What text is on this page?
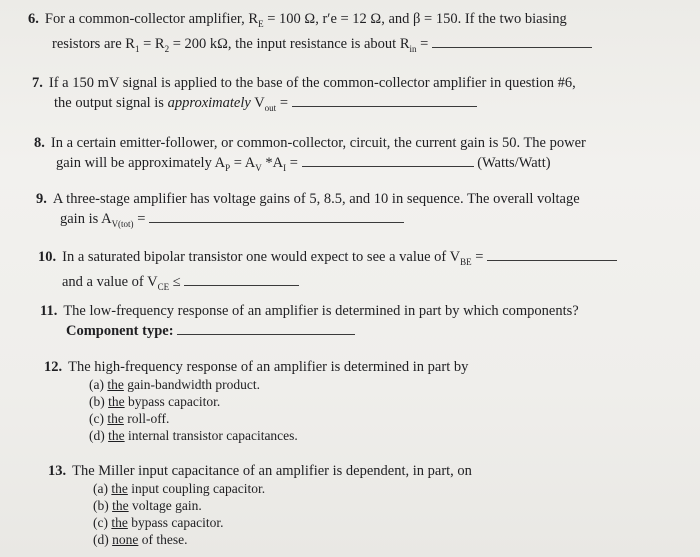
6. For a common-collector amplifier, $R_E = 100$ Ω, r′e = 12 Ω, and β = 150. If the two biasing
resistors are $R_1 = R_2 = 200$ kΩ, the input resistance is about $R_{in}$ =
7. If a 150 mV signal is applied to the base of the common-collector amplifier in question #6,
the output signal is approximately $V_{out}$ =
8. In a certain emitter-follower, or common-collector, circuit, the current gain is 50. The power
gain will be approximately $A_P = A_V$ $*A_I$ =	(Watts/Watt)
9. A three-stage amplifier has voltage gains of 5, 8.5, and 10 in sequence. The overall voltage
gain is $A_{V(tot)}$ =
10. In a saturated bipolar transistor one would expect to see a value of $V_{BE}$ =
and a value of $V_{CE}$ ≤
11. The low-frequency response of an amplifier is determined in part by which components?
Component type:
12. The high-frequency response of an amplifier is determined in part by
(a) the gain-bandwidth product.
(b) the bypass capacitor.
(c) the roll-off.
(d) the internal transistor capacitances.
13. The Miller input capacitance of an amplifier is dependent, in part, on
(a) the input coupling capacitor.
(b) the voltage gain.
(c) the bypass capacitor.
(d) none of these.
